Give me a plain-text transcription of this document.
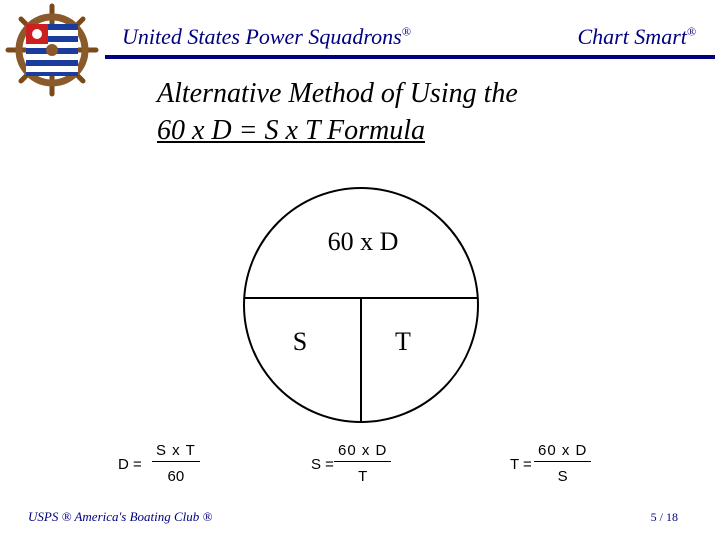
United States Power Squadrons®	Chart Smart®
Alternative Method of Using the
60 x D = S x T Formula
60 x D
S	T
$D = \frac{\text{S x T}}{60}$	$S = \frac{\text{60 x D}}{T}$	$T = \frac{\text{60 x D}}{S}$
USPS ® America's Boating Club ®	5 / 18
